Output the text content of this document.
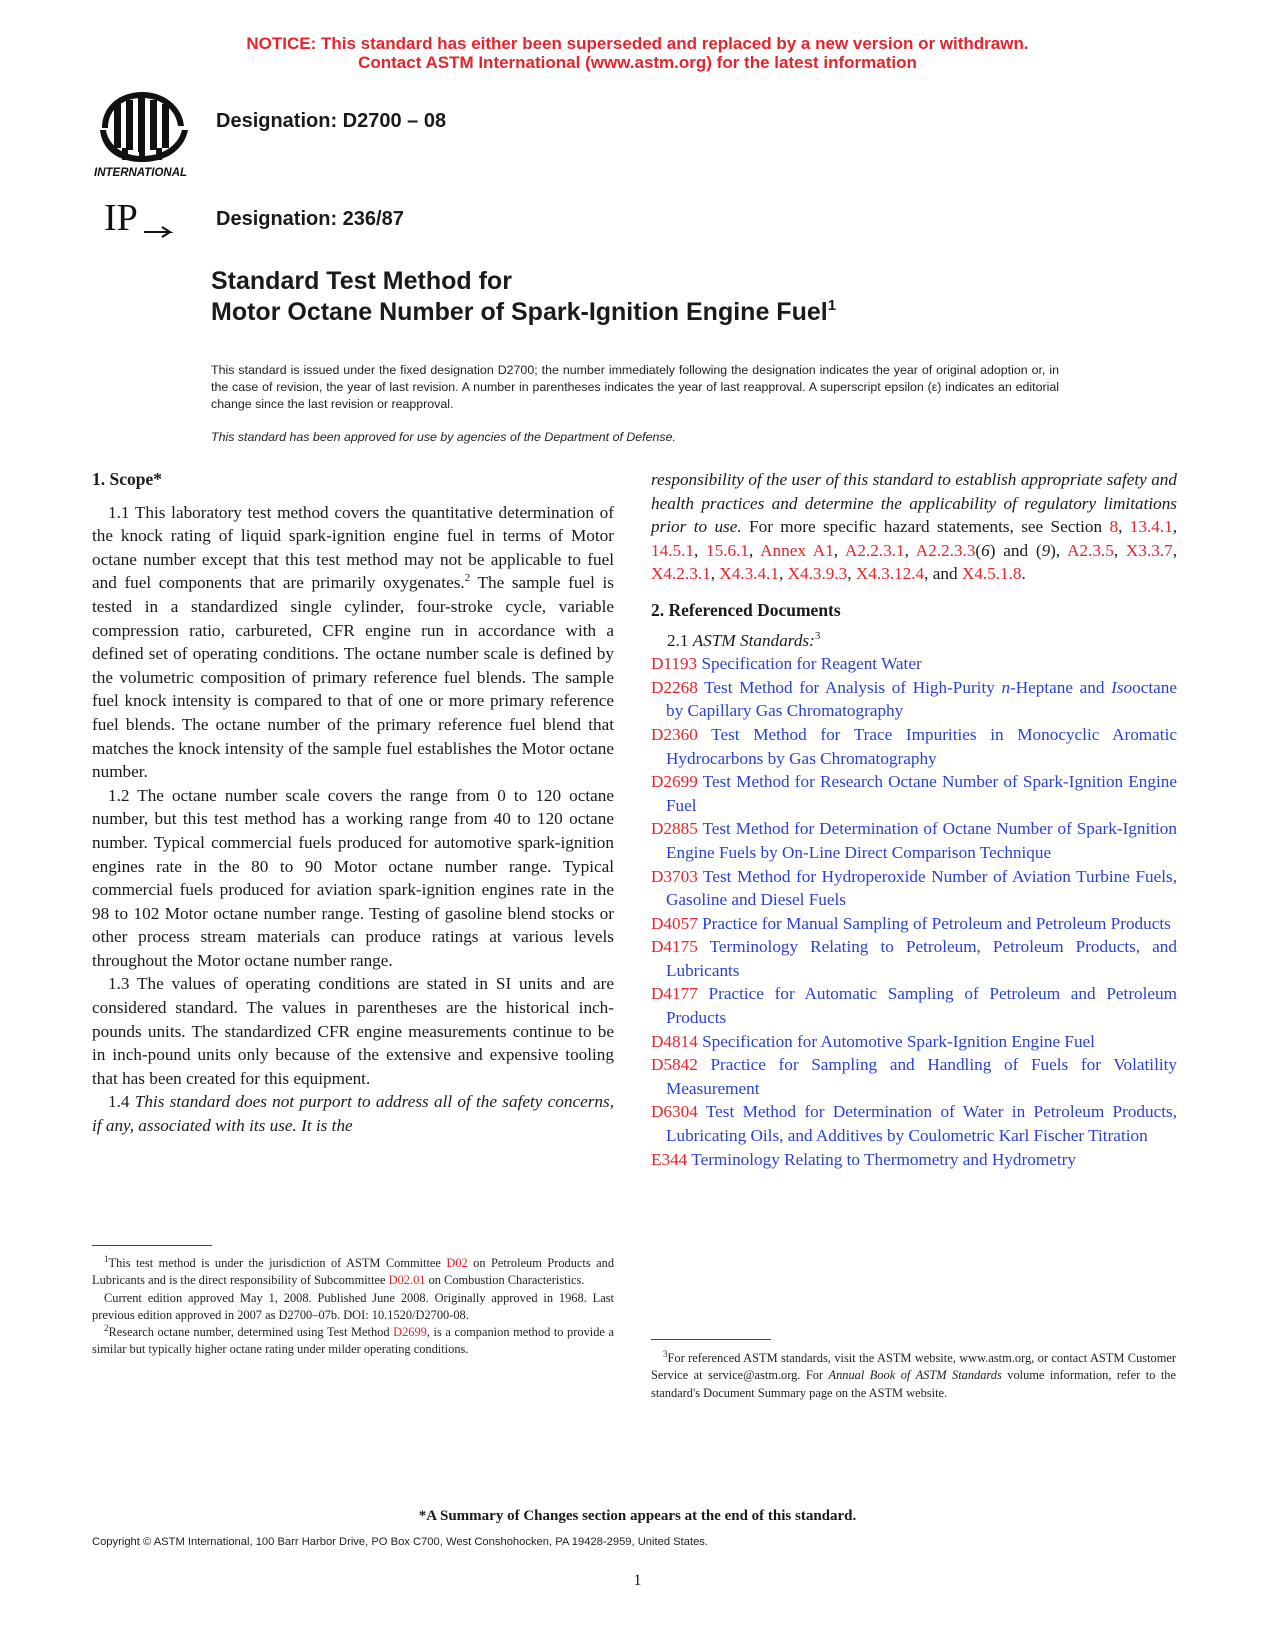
NOTICE: This standard has either been superseded and replaced by a new version or withdrawn.
Contact ASTM International (www.astm.org) for the latest information
INTERNATIONAL
IP
Designation: D2700 – 08
Designation: 236/87
Standard Test Method for
Motor Octane Number of Spark-Ignition Engine Fuel$^1$
This standard is issued under the fixed designation D2700; the number immediately following the designation indicates the year of original adoption or, in the case of revision, the year of last revision. A number in parentheses indicates the year of last reapproval. A superscript epsilon (ε) indicates an editorial change since the last revision or reapproval.
This standard has been approved for use by agencies of the Department of Defense.
1. Scope*

1.1 This laboratory test method covers the quantitative determination of the knock rating of liquid spark-ignition engine fuel in terms of Motor octane number except that this test method may not be applicable to fuel and fuel components that are primarily oxygenates.$^2$ The sample fuel is tested in a standardized single cylinder, four-stroke cycle, variable compression ratio, carbureted, CFR engine run in accordance with a defined set of operating conditions. The octane number scale is defined by the volumetric composition of primary reference fuel blends. The sample fuel knock intensity is compared to that of one or more primary reference fuel blends. The octane number of the primary reference fuel blend that matches the knock intensity of the sample fuel establishes the Motor octane number.

1.2 The octane number scale covers the range from 0 to 120 octane number, but this test method has a working range from 40 to 120 octane number. Typical commercial fuels produced for automotive spark-ignition engines rate in the 80 to 90 Motor octane number range. Typical commercial fuels produced for aviation spark-ignition engines rate in the 98 to 102 Motor octane number range. Testing of gasoline blend stocks or other process stream materials can produce ratings at various levels throughout the Motor octane number range.

1.3 The values of operating conditions are stated in SI units and are considered standard. The values in parentheses are the historical inch-pounds units. The standardized CFR engine measurements continue to be in inch-pound units only because of the extensive and expensive tooling that has been created for this equipment.

1.4 This standard does not purport to address all of the safety concerns, if any, associated with its use. It is the

responsibility of the user of this standard to establish appropriate safety and health practices and determine the applicability of regulatory limitations prior to use. For more specific hazard statements, see Section 8, 13.4.1, 14.5.1, 15.6.1, Annex A1, A2.2.3.1, A2.2.3.3(6) and (9), A2.3.5, X3.3.7, X4.2.3.1, X4.3.4.1, X4.3.9.3, X4.3.12.4, and X4.5.1.8.

2. Referenced Documents

2.1 ASTM Standards:$^3$

D1193 Specification for Reagent Water

D2268 Test Method for Analysis of High-Purity n-Heptane and Isooctane by Capillary Gas Chromatography

D2360 Test Method for Trace Impurities in Monocyclic Aromatic Hydrocarbons by Gas Chromatography

D2699 Test Method for Research Octane Number of Spark-Ignition Engine Fuel

D2885 Test Method for Determination of Octane Number of Spark-Ignition Engine Fuels by On-Line Direct Comparison Technique

D3703 Test Method for Hydroperoxide Number of Aviation Turbine Fuels, Gasoline and Diesel Fuels

D4057 Practice for Manual Sampling of Petroleum and Petroleum Products

D4175 Terminology Relating to Petroleum, Petroleum Products, and Lubricants

D4177 Practice for Automatic Sampling of Petroleum and Petroleum Products

D4814 Specification for Automotive Spark-Ignition Engine Fuel

D5842 Practice for Sampling and Handling of Fuels for Volatility Measurement

D6304 Test Method for Determination of Water in Petroleum Products, Lubricating Oils, and Additives by Coulometric Karl Fischer Titration

E344 Terminology Relating to Thermometry and Hydrometry

$^1$This test method is under the jurisdiction of ASTM Committee D02 on Petroleum Products and Lubricants and is the direct responsibility of Subcommittee D02.01 on Combustion Characteristics.

Current edition approved May 1, 2008. Published June 2008. Originally approved in 1968. Last previous edition approved in 2007 as D2700–07b. DOI: 10.1520/D2700-08.

$^2$Research octane number, determined using Test Method D2699, is a companion method to provide a similar but typically higher octane rating under milder operating conditions.	$^3$For referenced ASTM standards, visit the ASTM website, www.astm.org, or contact ASTM Customer Service at service@astm.org. For Annual Book of ASTM Standards volume information, refer to the standard's Document Summary page on the ASTM website.

*A Summary of Changes section appears at the end of this standard.
Copyright © ASTM International, 100 Barr Harbor Drive, PO Box C700, West Conshohocken, PA 19428-2959, United States.
1
